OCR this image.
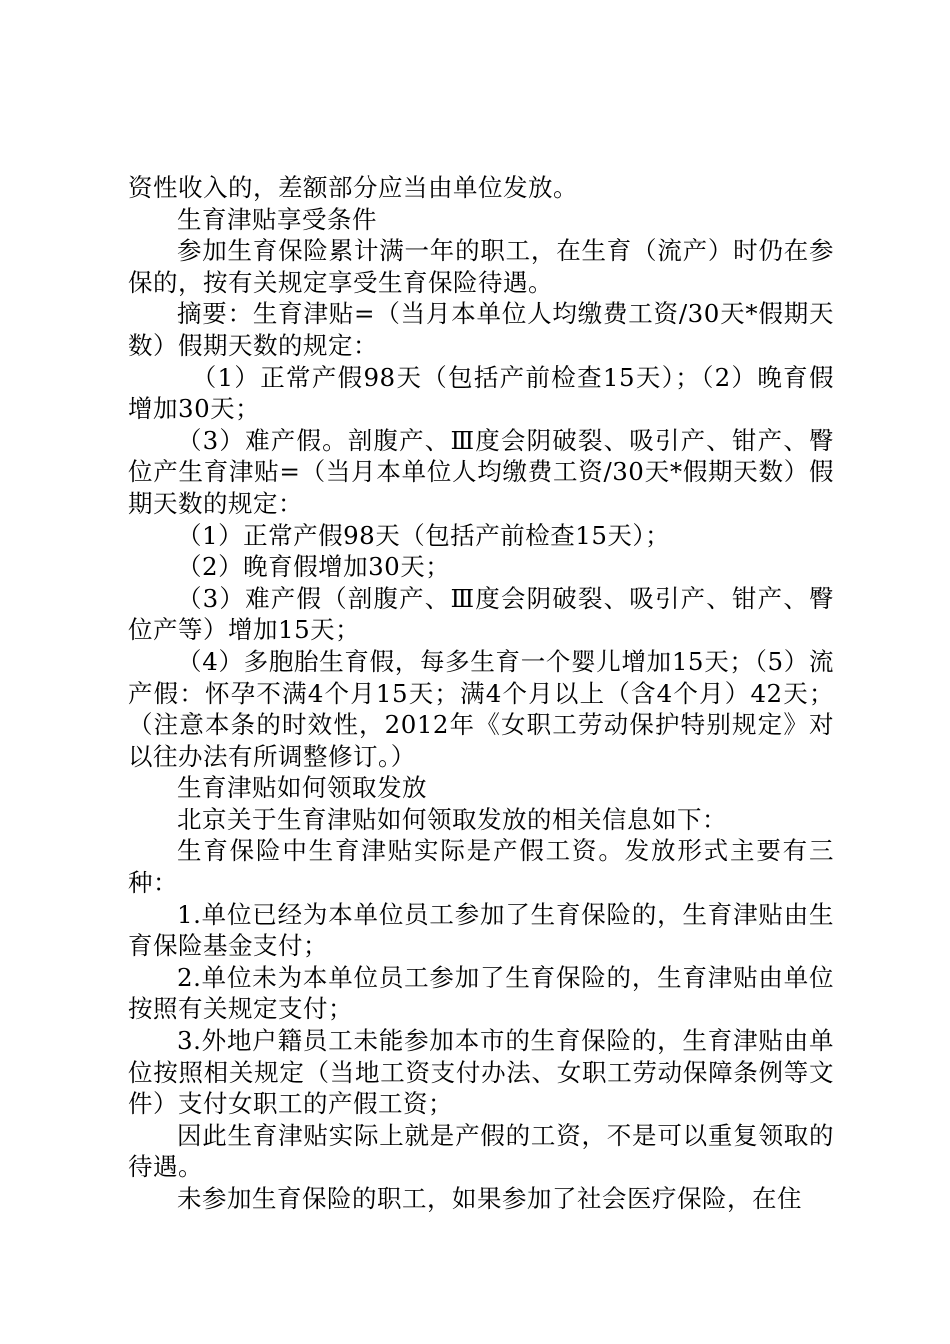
资性收入的，差额部分应当由单位发放。

生育津贴享受条件

参加生育保险累计满一年的职工，在生育（流产）时仍在参保的，按有关规定享受生育保险待遇。

摘要：生育津贴=（当月本单位人均缴费工资/30天*假期天数）假期天数的规定：

（1）正常产假98天（包括产前检查15天）；（2）晚育假增加30天；

（3）难产假。剖腹产、Ⅲ度会阴破裂、吸引产、钳产、臀位产生育津贴=（当月本单位人均缴费工资/30天*假期天数）假期天数的规定：

（1）正常产假98天（包括产前检查15天）；

（2）晚育假增加30天；

（3）难产假（剖腹产、Ⅲ度会阴破裂、吸引产、钳产、臀位产等）增加15天；

（4）多胞胎生育假，每多生育一个婴儿增加15天；（5）流产假：怀孕不满4个月15天；满4个月以上（含4个月）42天；（注意本条的时效性，2012年《女职工劳动保护特别规定》对以往办法有所调整修订。）

生育津贴如何领取发放

北京关于生育津贴如何领取发放的相关信息如下：

生育保险中生育津贴实际是产假工资。发放形式主要有三种：

1.单位已经为本单位员工参加了生育保险的，生育津贴由生育保险基金支付；

2.单位未为本单位员工参加了生育保险的，生育津贴由单位按照有关规定支付；

3.外地户籍员工未能参加本市的生育保险的，生育津贴由单位按照相关规定（当地工资支付办法、女职工劳动保障条例等文件）支付女职工的产假工资；

因此生育津贴实际上就是产假的工资，不是可以重复领取的待遇。

未参加生育保险的职工，如果参加了社会医疗保险，在住
